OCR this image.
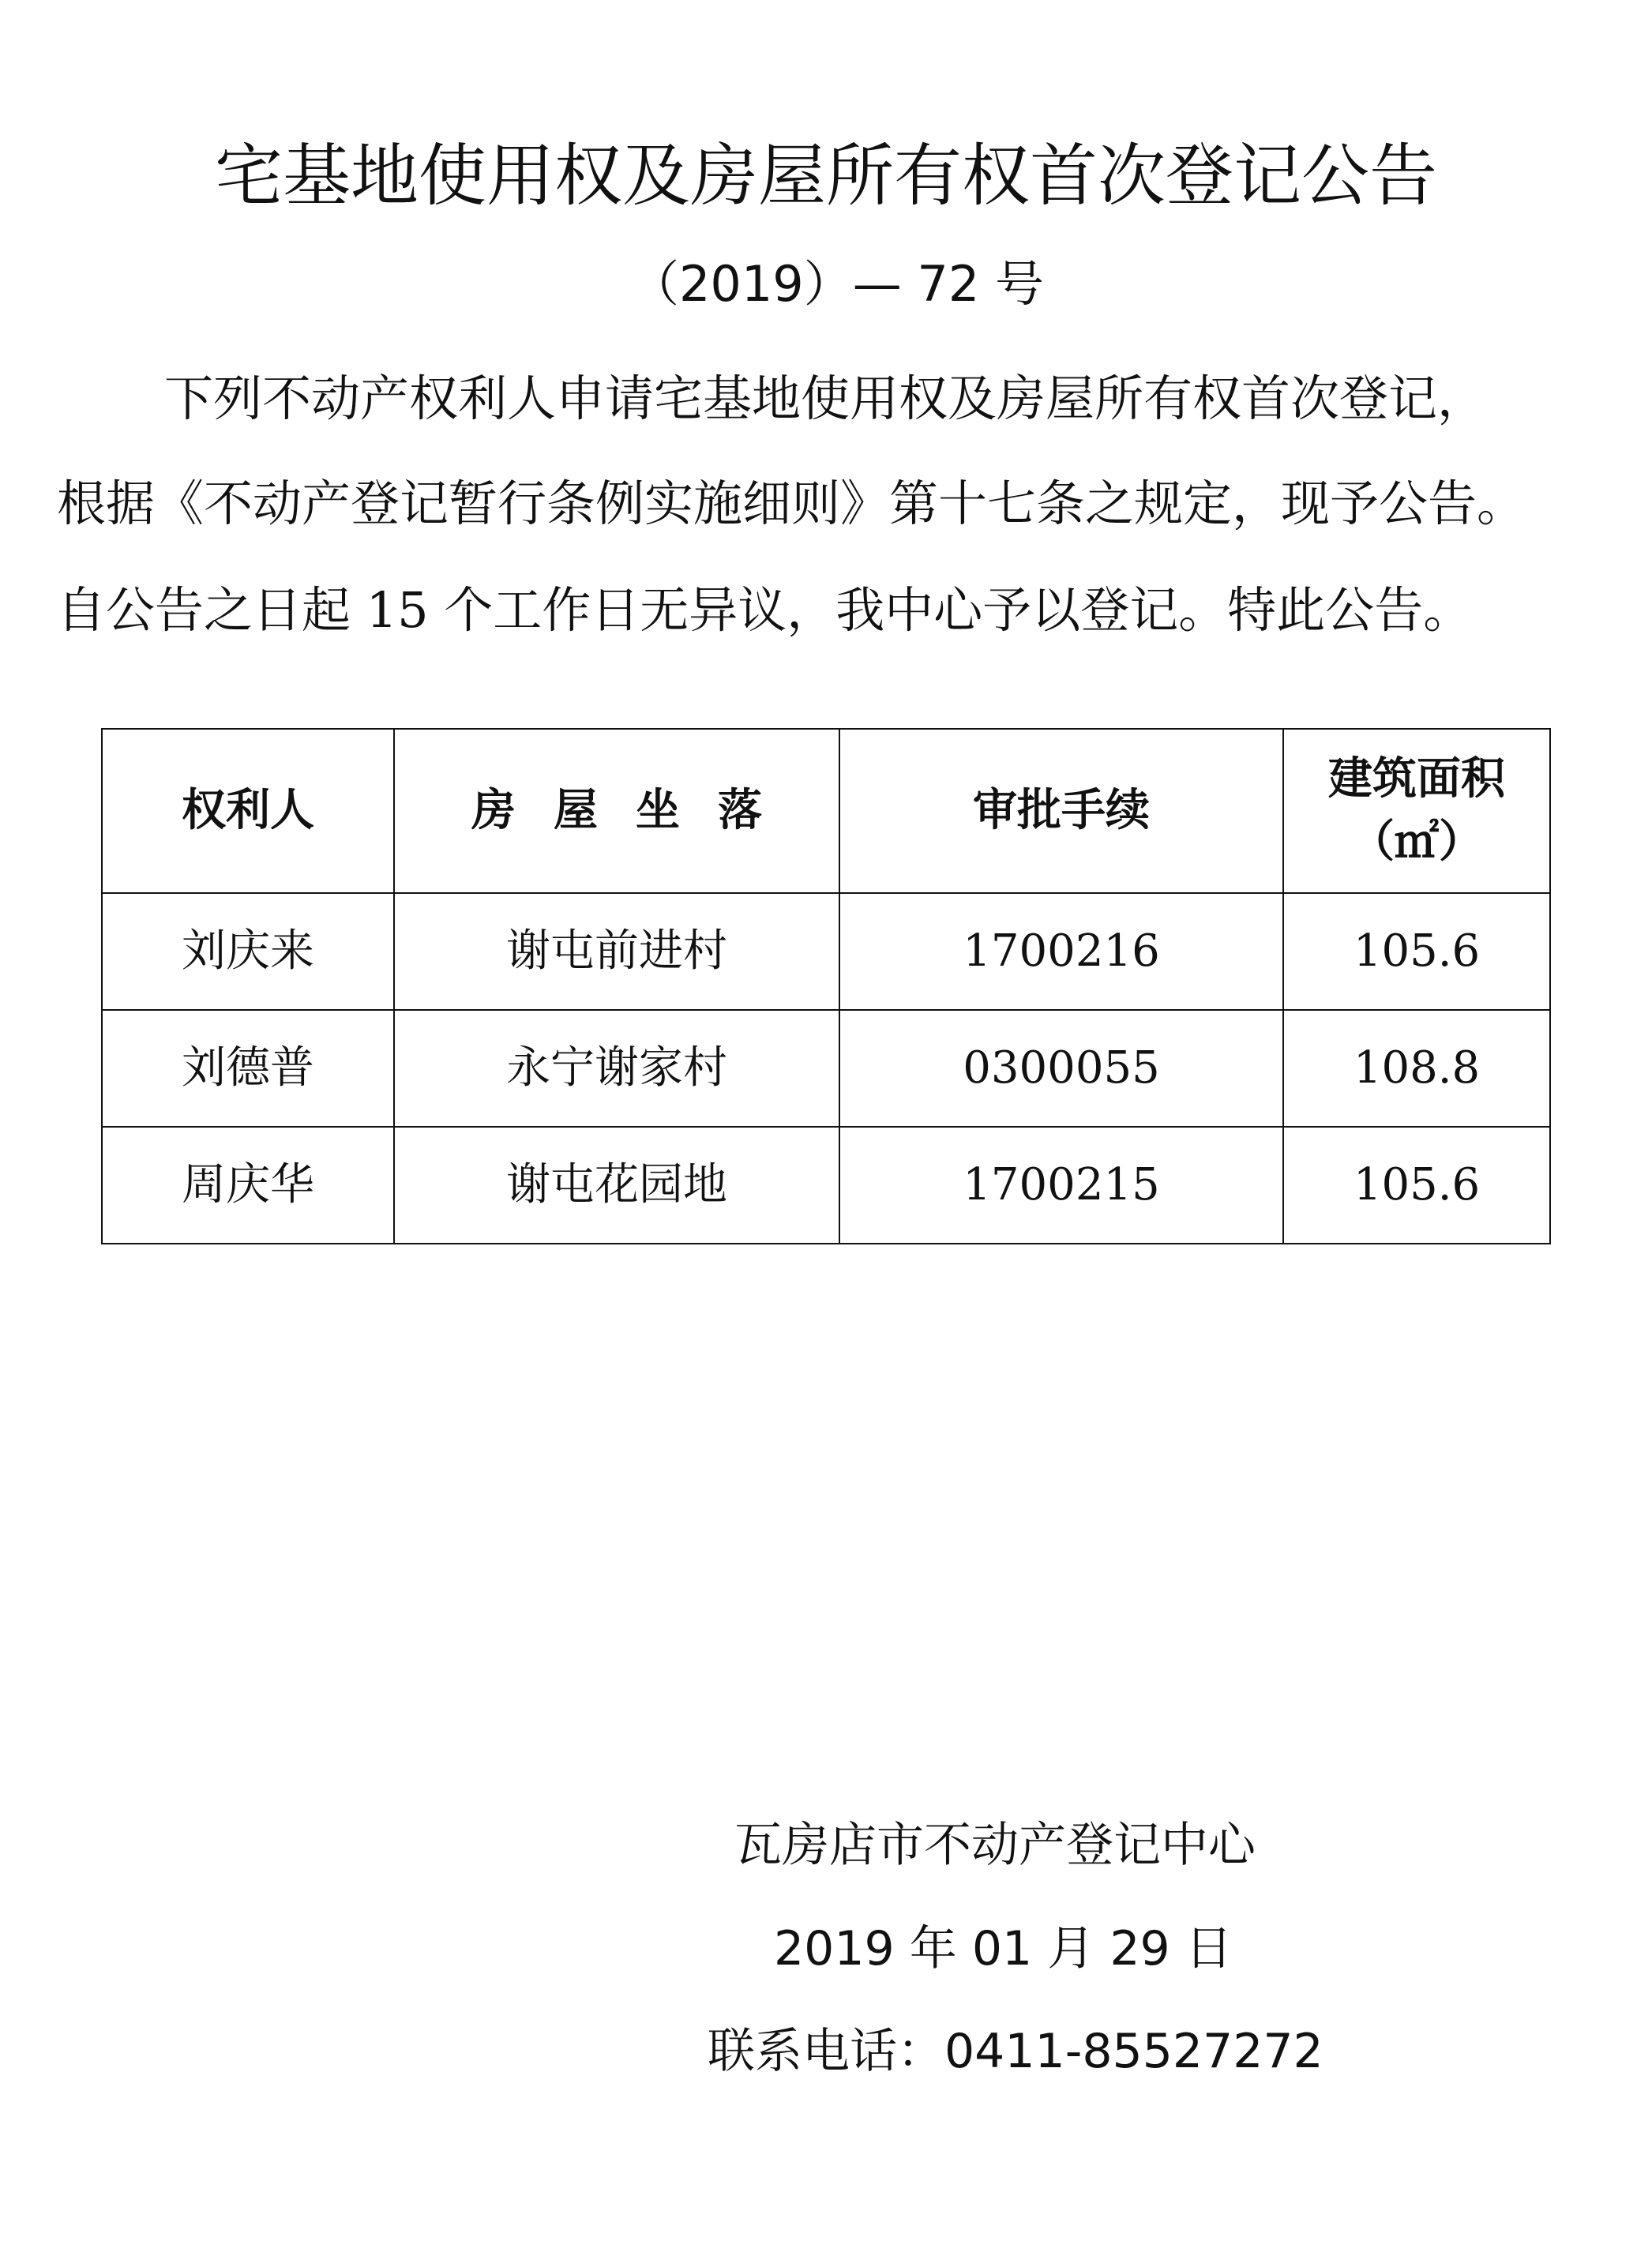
宅基地使用权及房屋所有权首次登记公告
（2019）— 72 号
下列不动产权利人申请宅基地使用权及房屋所有权首次登记，
根据《不动产登记暂行条例实施细则》第十七条之规定，现予公告。
自公告之日起 15 个工作日无异议，我中心予以登记。特此公告。
权利人	房屋坐落	审批手续	建筑面积
（㎡）

刘庆来	谢屯前进村	1700216	105.6
刘德普	永宁谢家村	0300055	108.8
周庆华	谢屯花园地	1700215	105.6
瓦房店市不动产登记中心
2019 年 01 月 29 日
联系电话：0411-85527272
